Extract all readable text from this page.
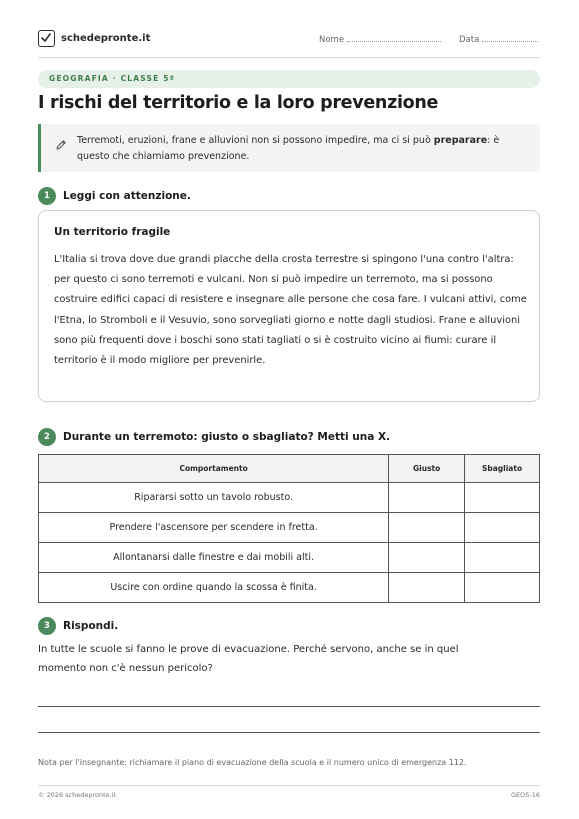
schedepronte.it	Nome	Data
GEOGRAFIA · CLASSE 5ª
I rischi del territorio e la loro prevenzione

Terremoti, eruzioni, frane e alluvioni non si possono impedire, ma ci si può preparare: è questo che chiamiamo prevenzione.

1	Leggi con attenzione.
Un territorio fragile

L'Italia si trova dove due grandi placche della crosta terrestre si spingono l'una contro l'altra: per questo ci sono terremoti e vulcani. Non si può impedire un terremoto, ma si possono costruire edifici capaci di resistere e insegnare alle persone che cosa fare. I vulcani attivi, come l'Etna, lo Stromboli e il Vesuvio, sono sorvegliati giorno e notte dagli studiosi. Frane e alluvioni sono più frequenti dove i boschi sono stati tagliati o si è costruito vicino ai fiumi: curare il territorio è il modo migliore per prevenirle.

2	Durante un terremoto: giusto o sbagliato? Metti una X.
Comportamento	Giusto	Sbagliato
Ripararsi sotto un tavolo robusto.		
Prendere l'ascensore per scendere in fretta.		
Allontanarsi dalle finestre e dai mobili alti.		
Uscire con ordine quando la scossa è finita.		
3	Rispondi.

In tutte le scuole si fanno le prove di evacuazione. Perché servono, anche se in quel momento non c'è nessun pericolo?

Nota per l'insegnante: richiamare il piano di evacuazione della scuola e il numero unico di emergenza 112.

© 2026 schedepronte.it	GEO5-16
